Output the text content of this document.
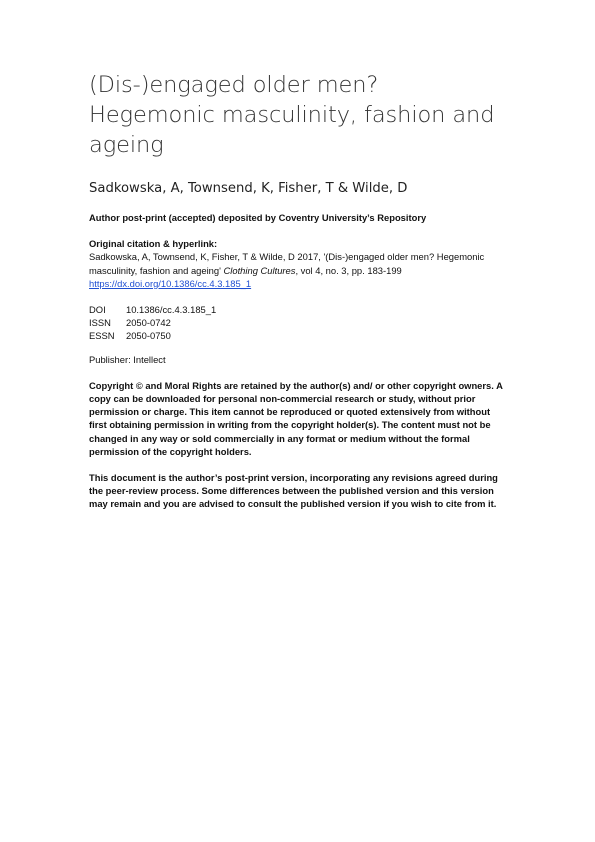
(Dis-)engaged older men? Hegemonic masculinity, fashion and ageing
Sadkowska, A, Townsend, K, Fisher, T & Wilde, D
Author post-print (accepted) deposited by Coventry University’s Repository
Original citation & hyperlink:
Sadkowska, A, Townsend, K, Fisher, T & Wilde, D 2017, '(Dis-)engaged older men? Hegemonic masculinity, fashion and ageing' Clothing Cultures, vol 4, no. 3, pp. 183-199
https://dx.doi.org/10.1386/cc.4.3.185_1
DOI	10.1386/cc.4.3.185_1
ISSN	2050-0742
ESSN	2050-0750
Publisher: Intellect
Copyright © and Moral Rights are retained by the author(s) and/ or other copyright owners. A copy can be downloaded for personal non-commercial research or study, without prior permission or charge. This item cannot be reproduced or quoted extensively from without first obtaining permission in writing from the copyright holder(s). The content must not be changed in any way or sold commercially in any format or medium without the formal permission of the copyright holders.
This document is the author’s post-print version, incorporating any revisions agreed during the peer-review process. Some differences between the published version and this version may remain and you are advised to consult the published version if you wish to cite from it.
